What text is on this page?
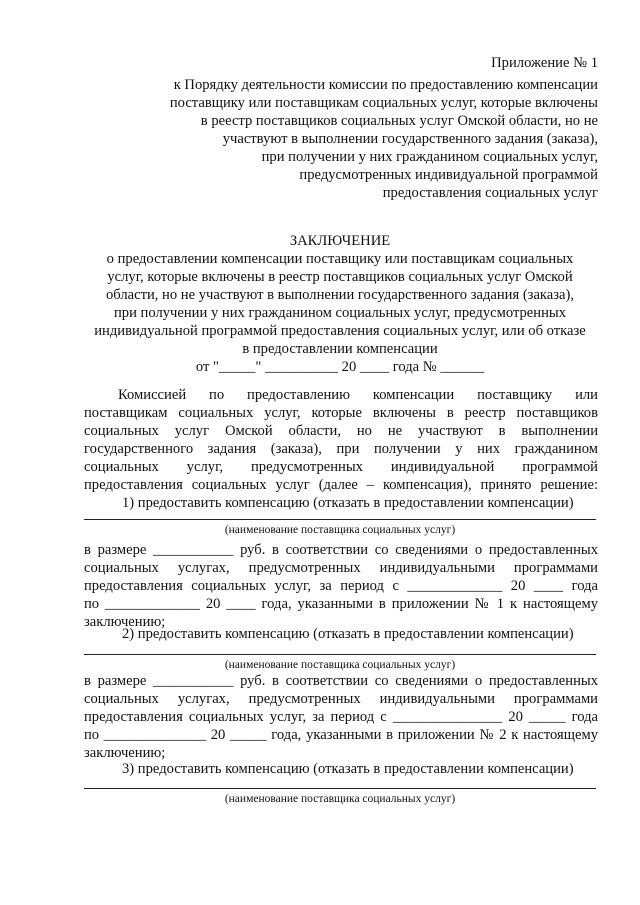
Приложение № 1
к Порядку деятельности комиссии по предоставлению компенсации
поставщику или поставщикам социальных услуг, которые включены
в реестр поставщиков социальных услуг Омской области, но не
участвуют в выполнении государственного задания (заказа),
при получении у них гражданином социальных услуг,
предусмотренных индивидуальной программой
предоставления социальных услуг
ЗАКЛЮЧЕНИЕ
о предоставлении компенсации поставщику или поставщикам социальных
услуг, которые включены в реестр поставщиков социальных услуг Омской
области, но не участвуют в выполнении государственного задания (заказа),
при получении у них гражданином социальных услуг, предусмотренных
индивидуальной программой предоставления социальных услуг, или об отказе
в предоставлении компенсации
от "_____" __________ 20 ____ года № ______
Комиссией по предоставлению компенсации поставщику или
поставщикам социальных услуг, которые включены в реестр поставщиков
социальных услуг Омской области, но не участвуют в выполнении
государственного задания (заказа), при получении у них гражданином
социальных услуг, предусмотренных индивидуальной программой
предоставления социальных услуг (далее – компенсация), принято решение:
1) предоставить компенсацию (отказать в предоставлении компенсации)
(наименование поставщика социальных услуг)
в размере ___________ руб. в соответствии со сведениями о предоставленных
социальных услугах, предусмотренных индивидуальными программами
предоставления социальных услуг, за период с _____________ 20 ____ года
по _____________ 20 ____ года, указанными в приложении № 1 к настоящему
заключению;
2) предоставить компенсацию (отказать в предоставлении компенсации)
(наименование поставщика социальных услуг)
в размере ___________ руб. в соответствии со сведениями о предоставленных
социальных услугах, предусмотренных индивидуальными программами
предоставления социальных услуг, за период с _______________ 20 _____ года
по ______________ 20 _____ года, указанными в приложении № 2 к настоящему
заключению;
3) предоставить компенсацию (отказать в предоставлении компенсации)
(наименование поставщика социальных услуг)
